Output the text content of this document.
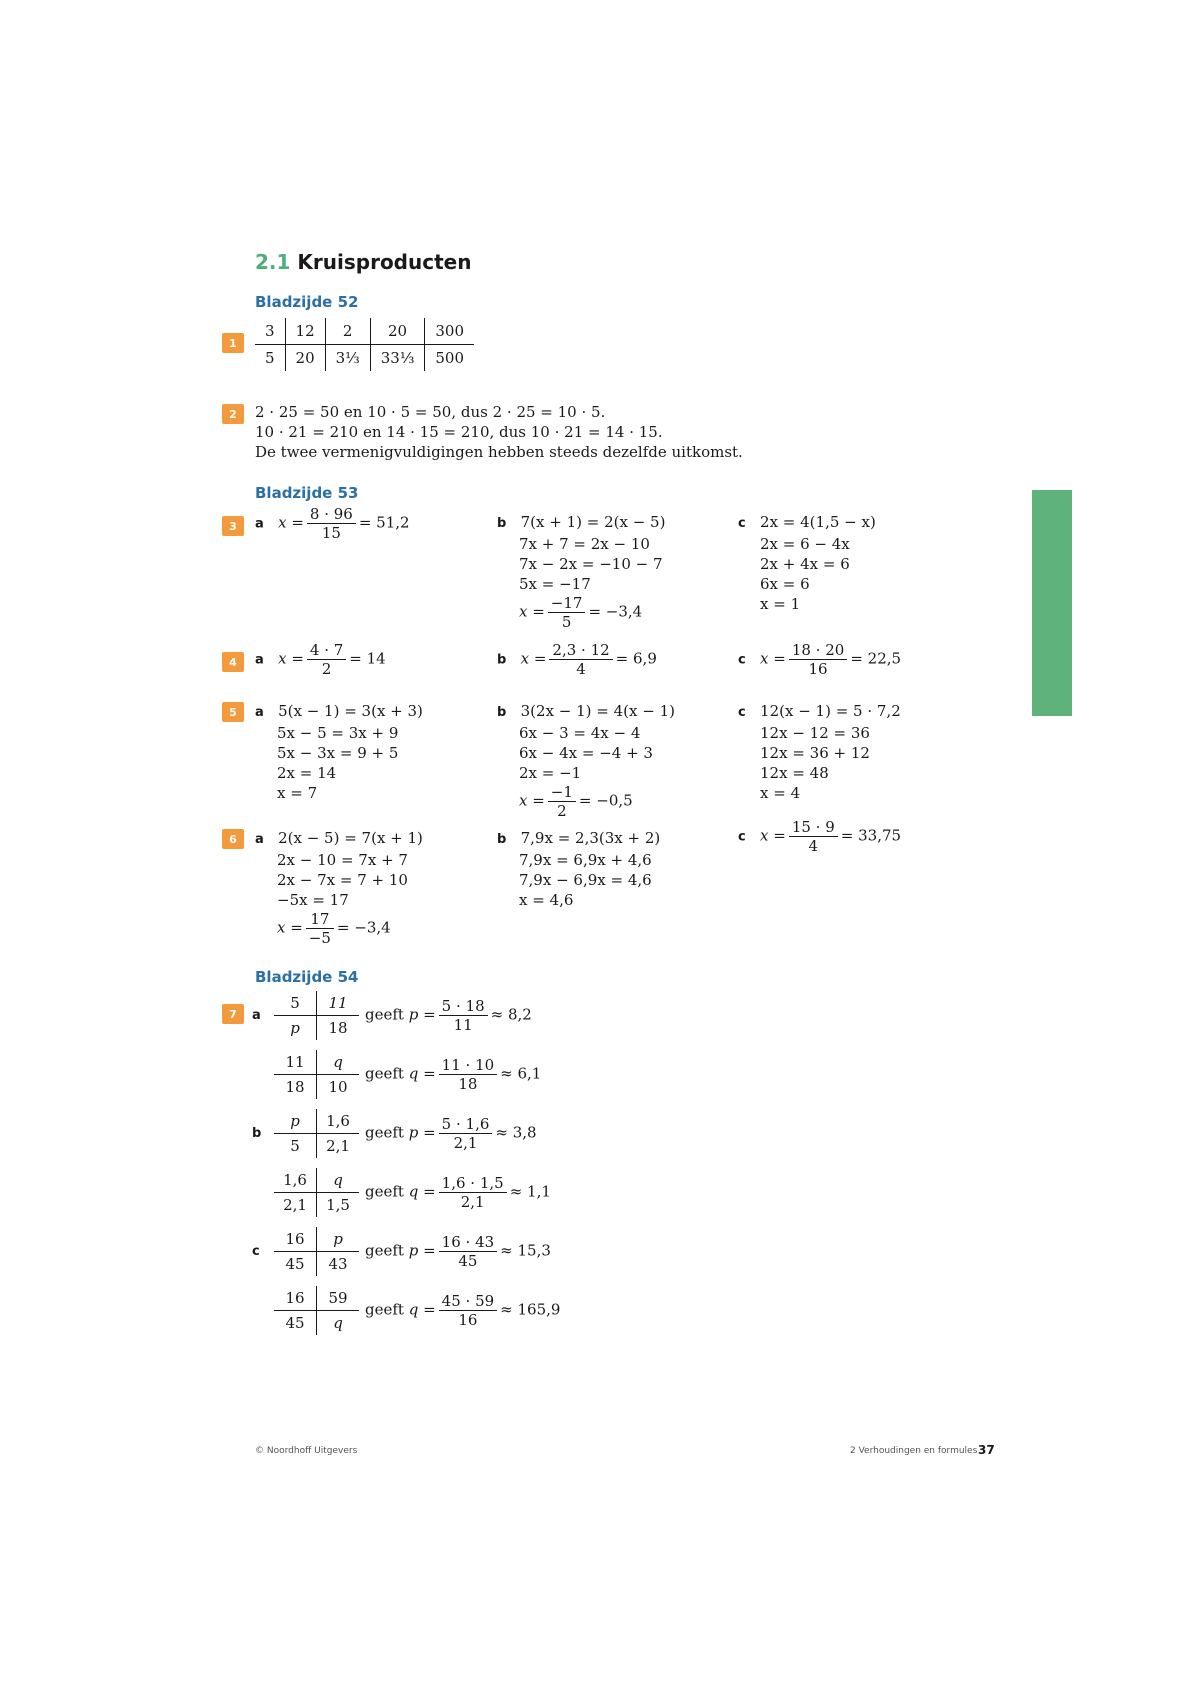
2.1 Kruisproducten
Bladzijde 52
1
3	12	2	20	300
5	20	3⅓	33⅓	500
2	2 · 25 = 50 en 10 · 5 = 50, dus 2 · 25 = 10 · 5.
10 · 21 = 210 en 14 · 15 = 210, dus 10 · 21 = 14 · 15.
De twee vermenigvuldigingen hebben steeds dezelfde uitkomst.
Bladzijde 53
3	a $x = \frac{8 \cdot 96}{15} = 51,2$	b 7(x + 1) = 2(x − 5)
7x + 7 = 2x − 10
7x − 2x = −10 − 7
5x = −17
$x = \frac{-17}{5} = -3,4$
c 2x = 4(1,5 − x)
2x = 6 − 4x
2x + 4x = 6
6x = 6
x = 1
4	a $x = \frac{4 \cdot 7}{2} = 14$	b $x = \frac{2,3 \cdot 12}{4} = 6,9$	c $x = \frac{18 \cdot 20}{16} = 22,5$
5	a 5(x − 1) = 3(x + 3)
5x − 5 = 3x + 9
5x − 3x = 9 + 5
2x = 14
x = 7
b 3(2x − 1) = 4(x − 1)
6x − 3 = 4x − 4
6x − 4x = −4 + 3
2x = −1
$x = \frac{-1}{2} = -0,5$
c 12(x − 1) = 5 · 7,2
12x − 12 = 36
12x = 36 + 12
12x = 48
x = 4
6	a 2(x − 5) = 7(x + 1)
2x − 10 = 7x + 7
2x − 7x = 7 + 10
−5x = 17
$x = \frac{17}{-5} = -3,4$
b 7,9x = 2,3(3x + 2)
7,9x = 6,9x + 4,6
7,9x − 6,9x = 4,6
x = 4,6
c $x = \frac{15 \cdot 9}{4} = 33,75$
Bladzijde 54
7	a
5	11
p	18
geeft $p = \frac{5 \cdot 18}{11} \approx 8,2$
11	q
18	10
geeft $q = \frac{11 \cdot 10}{18} \approx 6,1$
b
p	1,6
5	2,1
geeft $p = \frac{5 \cdot 1,6}{2,1} \approx 3,8$
1,6	q
2,1	1,5
geeft $q = \frac{1,6 \cdot 1,5}{2,1} \approx 1,1$
c
16	p
45	43
geeft $p = \frac{16 \cdot 43}{45} \approx 15,3$
16	59
45	q
geeft $q = \frac{45 \cdot 59}{16} \approx 165,9$
© Noordhoff Uitgevers	2 Verhoudingen en formules 37
